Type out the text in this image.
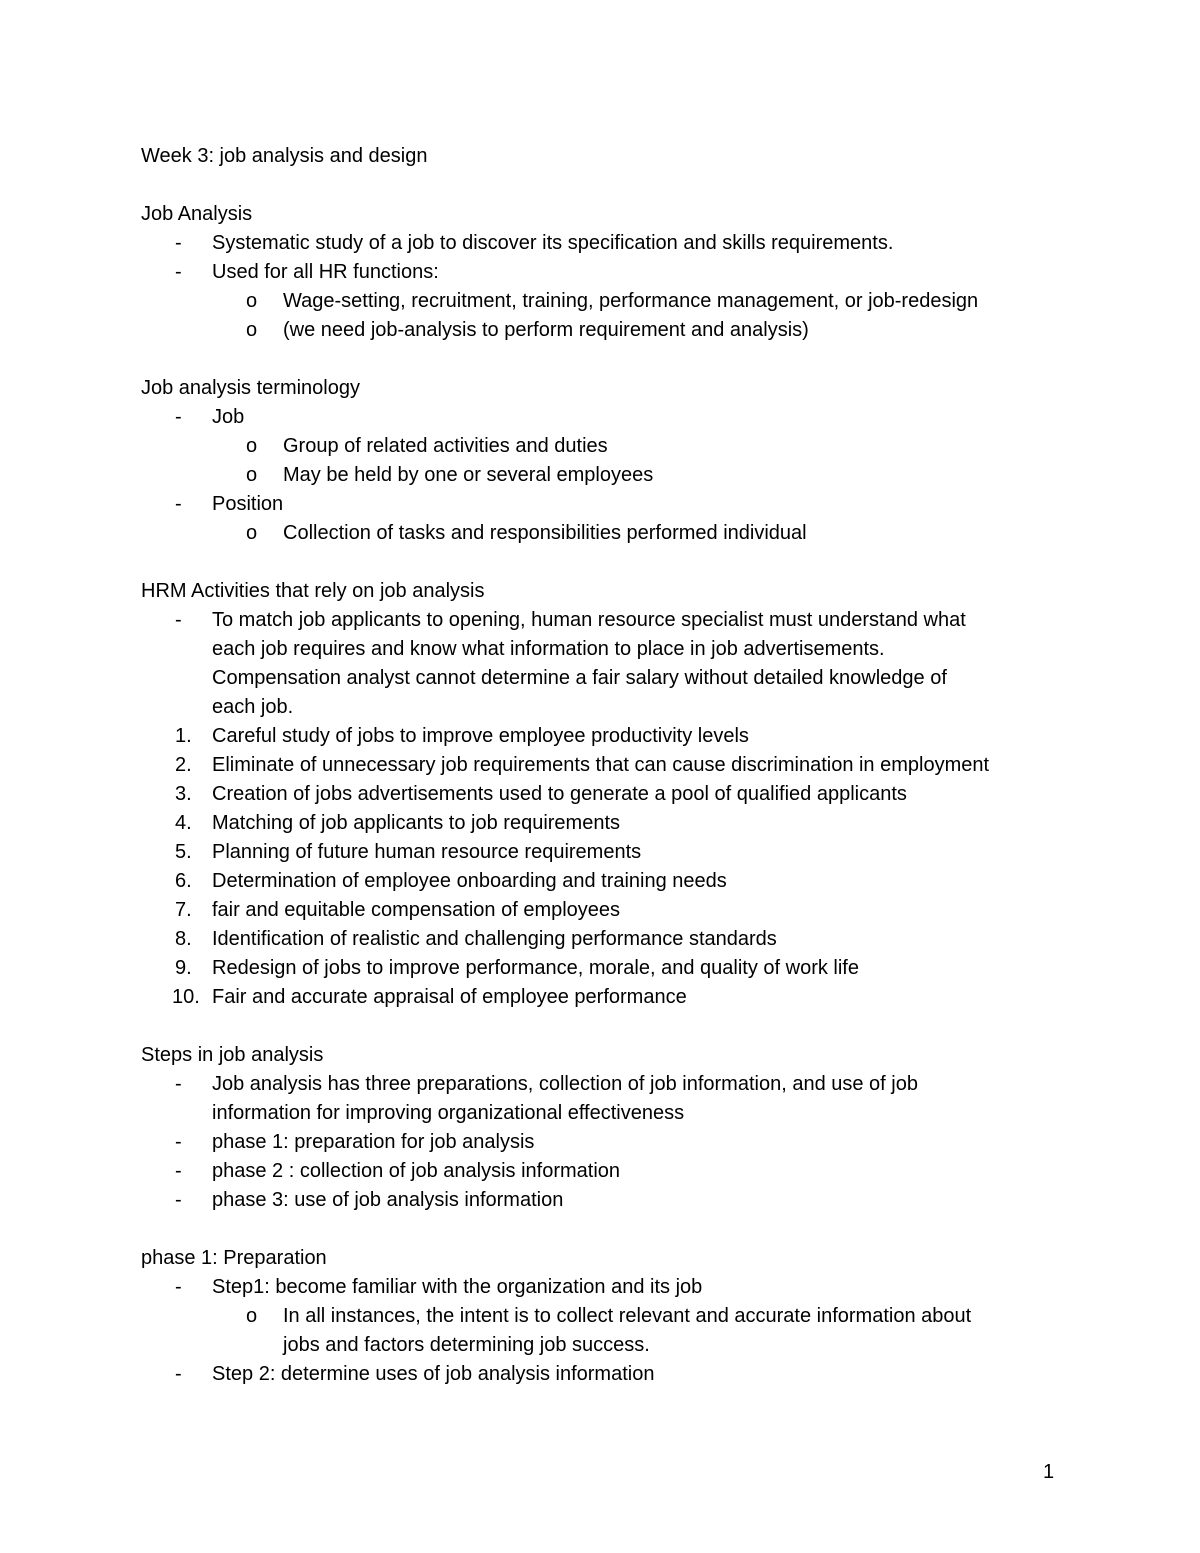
Week 3: job analysis and design
Job Analysis
- Systematic study of a job to discover its specification and skills requirements.
- Used for all HR functions:
o Wage-setting, recruitment, training, performance management, or job-redesign
o (we need job-analysis to perform requirement and analysis)
Job analysis terminology
- Job
o Group of related activities and duties
o May be held by one or several employees
- Position
o Collection of tasks and responsibilities performed individual
HRM Activities that rely on job analysis
- To match job applicants to opening, human resource specialist must understand what
each job requires and know what information to place in job advertisements.
Compensation analyst cannot determine a fair salary without detailed knowledge of
each job.
1.	Careful study of jobs to improve employee productivity levels
2.	Eliminate of unnecessary job requirements that can cause discrimination in employment
3.	Creation of jobs advertisements used to generate a pool of qualified applicants
4.	Matching of job applicants to job requirements
5.	Planning of future human resource requirements
6.	Determination of employee onboarding and training needs
7.	fair and equitable compensation of employees
8.	Identification of realistic and challenging performance standards
9.	Redesign of jobs to improve performance, morale, and quality of work life
10. Fair and accurate appraisal of employee performance
Steps in job analysis
- Job analysis has three preparations, collection of job information, and use of job
information for improving organizational effectiveness
- phase 1: preparation for job analysis
- phase 2 : collection of job analysis information
- phase 3: use of job analysis information
phase 1: Preparation
- Step1: become familiar with the organization and its job
o In all instances, the intent is to collect relevant and accurate information about
jobs and factors determining job success.
- Step 2: determine uses of job analysis information
1
